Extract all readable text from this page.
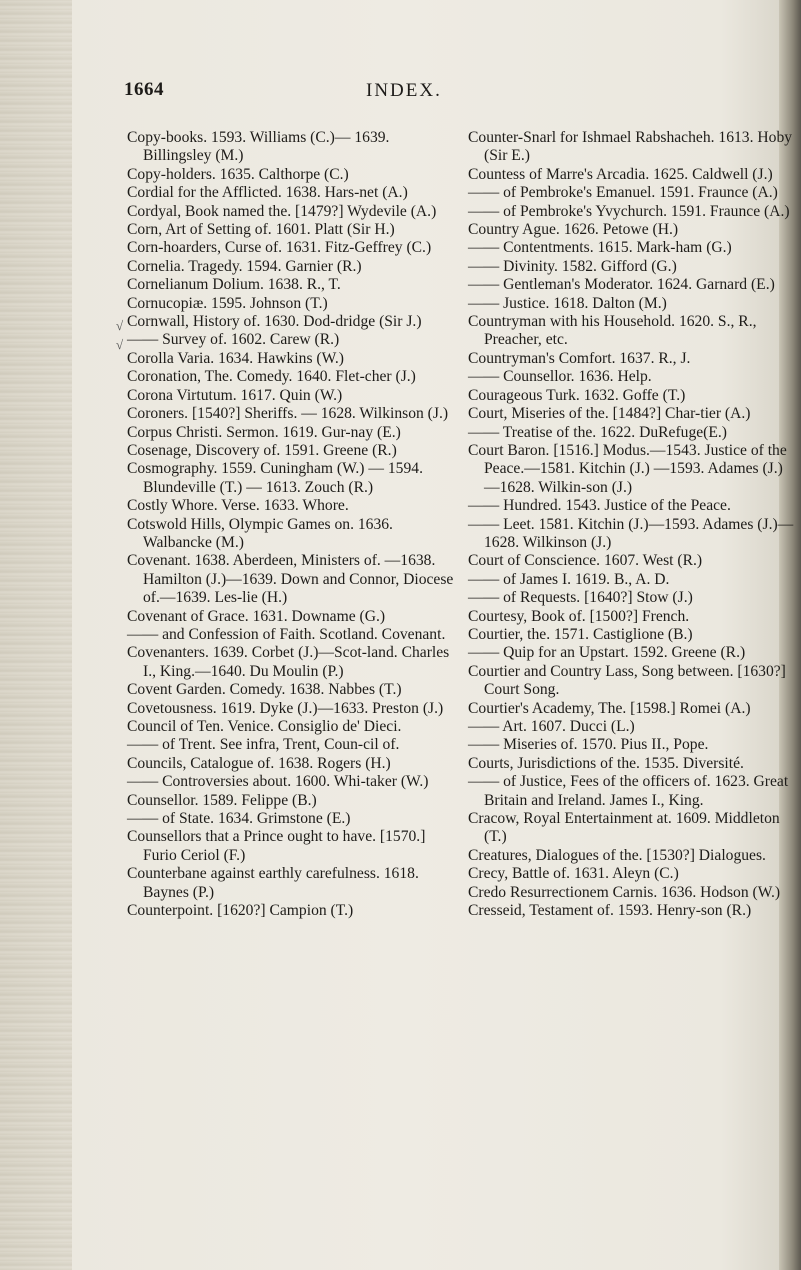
1664	INDEX.
√
√
Copy-books. 1593. Williams (C.)— 1639. Billingsley (M.)
Copy-holders. 1635. Calthorpe (C.)
Cordial for the Afflicted. 1638. Hars-net (A.)
Cordyal, Book named the. [1479?] Wydevile (A.)
Corn, Art of Setting of. 1601. Platt (Sir H.)
Corn-hoarders, Curse of. 1631. Fitz-Geffrey (C.)
Cornelia. Tragedy. 1594. Garnier (R.)
Cornelianum Dolium. 1638. R., T.
Cornucopiæ. 1595. Johnson (T.)
Cornwall, History of. 1630. Dod-dridge (Sir J.)
—— Survey of. 1602. Carew (R.)
Corolla Varia. 1634. Hawkins (W.)
Coronation, The. Comedy. 1640. Flet-cher (J.)
Corona Virtutum. 1617. Quin (W.)
Coroners. [1540?] Sheriffs. — 1628. Wilkinson (J.)
Corpus Christi. Sermon. 1619. Gur-nay (E.)
Cosenage, Discovery of. 1591. Greene (R.)
Cosmography. 1559. Cuningham (W.) — 1594. Blundeville (T.) — 1613. Zouch (R.)
Costly Whore. Verse. 1633. Whore.
Cotswold Hills, Olympic Games on. 1636. Walbancke (M.)
Covenant. 1638. Aberdeen, Ministers of. —1638. Hamilton (J.)—1639. Down and Connor, Diocese of.—1639. Les-lie (H.)
Covenant of Grace. 1631. Downame (G.)
—— and Confession of Faith. Scotland. Covenant.
Covenanters. 1639. Corbet (J.)—Scot-land. Charles I., King.—1640. Du Moulin (P.)
Covent Garden. Comedy. 1638. Nabbes (T.)
Covetousness. 1619. Dyke (J.)—1633. Preston (J.)
Council of Ten. Venice. Consiglio de' Dieci.
—— of Trent. See infra, Trent, Coun-cil of.
Councils, Catalogue of. 1638. Rogers (H.)
—— Controversies about. 1600. Whi-taker (W.)
Counsellor. 1589. Felippe (B.)
—— of State. 1634. Grimstone (E.)
Counsellors that a Prince ought to have. [1570.] Furio Ceriol (F.)
Counterbane against earthly carefulness. 1618. Baynes (P.)
Counterpoint. [1620?] Campion (T.)
Counter-Snarl for Ishmael Rabshacheh. 1613. Hoby (Sir E.)
Countess of Marre's Arcadia. 1625. Caldwell (J.)
—— of Pembroke's Emanuel. 1591. Fraunce (A.)
—— of Pembroke's Yvychurch. 1591. Fraunce (A.)
Country Ague. 1626. Petowe (H.)
—— Contentments. 1615. Mark-ham (G.)
—— Divinity. 1582. Gifford (G.)
—— Gentleman's Moderator. 1624. Garnard (E.)
—— Justice. 1618. Dalton (M.)
Countryman with his Household. 1620. S., R., Preacher, etc.
Countryman's Comfort. 1637. R., J.
—— Counsellor. 1636. Help.
Courageous Turk. 1632. Goffe (T.)
Court, Miseries of the. [1484?] Char-tier (A.)
—— Treatise of the. 1622. DuRefuge(E.)
Court Baron. [1516.] Modus.—1543. Justice of the Peace.—1581. Kitchin (J.) —1593. Adames (J.)—1628. Wilkin-son (J.)
—— Hundred. 1543. Justice of the Peace.
—— Leet. 1581. Kitchin (J.)—1593. Adames (J.)—1628. Wilkinson (J.)
Court of Conscience. 1607. West (R.)
—— of James I. 1619. B., A. D.
—— of Requests. [1640?] Stow (J.)
Courtesy, Book of. [1500?] French.
Courtier, the. 1571. Castiglione (B.)
—— Quip for an Upstart. 1592. Greene (R.)
Courtier and Country Lass, Song between. [1630?] Court Song.
Courtier's Academy, The. [1598.] Romei (A.)
—— Art. 1607. Ducci (L.)
—— Miseries of. 1570. Pius II., Pope.
Courts, Jurisdictions of the. 1535. Diversité.
—— of Justice, Fees of the officers of. 1623. Great Britain and Ireland. James I., King.
Cracow, Royal Entertainment at. 1609. Middleton (T.)
Creatures, Dialogues of the. [1530?] Dialogues.
Crecy, Battle of. 1631. Aleyn (C.)
Credo Resurrectionem Carnis. 1636. Hodson (W.)
Cresseid, Testament of. 1593. Henry-son (R.)
